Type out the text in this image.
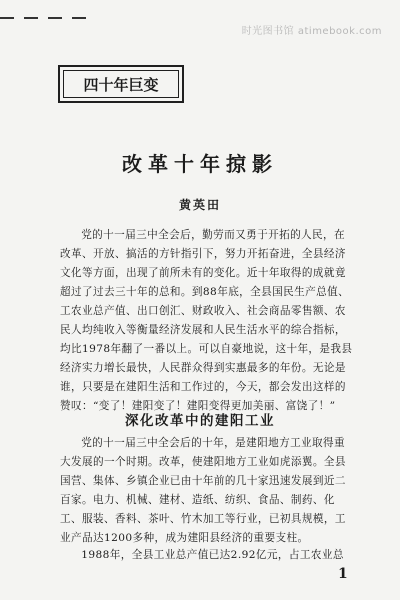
时光图书馆 atimebook.com
四十年巨变
改革十年掠影
黄英田

党的十一届三中全会后，勤劳而又勇于开拓的人民，在改革、开放、搞活的方针指引下，努力开拓奋进，全县经济文化等方面，出现了前所未有的变化。近十年取得的成就竟超过了过去三十年的总和。到88年底，全县国民生产总值、工农业总产值、出口创汇、财政收入、社会商品零售额、农民人均纯收入等衡量经济发展和人民生活水平的综合指标，均比1978年翻了一番以上。可以自豪地说，这十年，是我县经济实力增长最快，人民群众得到实惠最多的年份。无论是谁，只要是在建阳生活和工作过的，今天，都会发出这样的赞叹：“变了！建阳变了！建阳变得更加美丽、富饶了！”

深化改革中的建阳工业

党的十一届三中全会后的十年，是建阳地方工业取得重大发展的一个时期。改革，使建阳地方工业如虎添翼。全县国营、集体、乡镇企业已由十年前的几十家迅速发展到近二百家。电力、机械、建材、造纸、纺织、食品、制药、化工、服装、香料、茶叶、竹木加工等行业，已初具规模，工业产品达1200多种，成为建阳县经济的重要支柱。

1988年，全县工业总产值已达2.92亿元，占工农业总

1
